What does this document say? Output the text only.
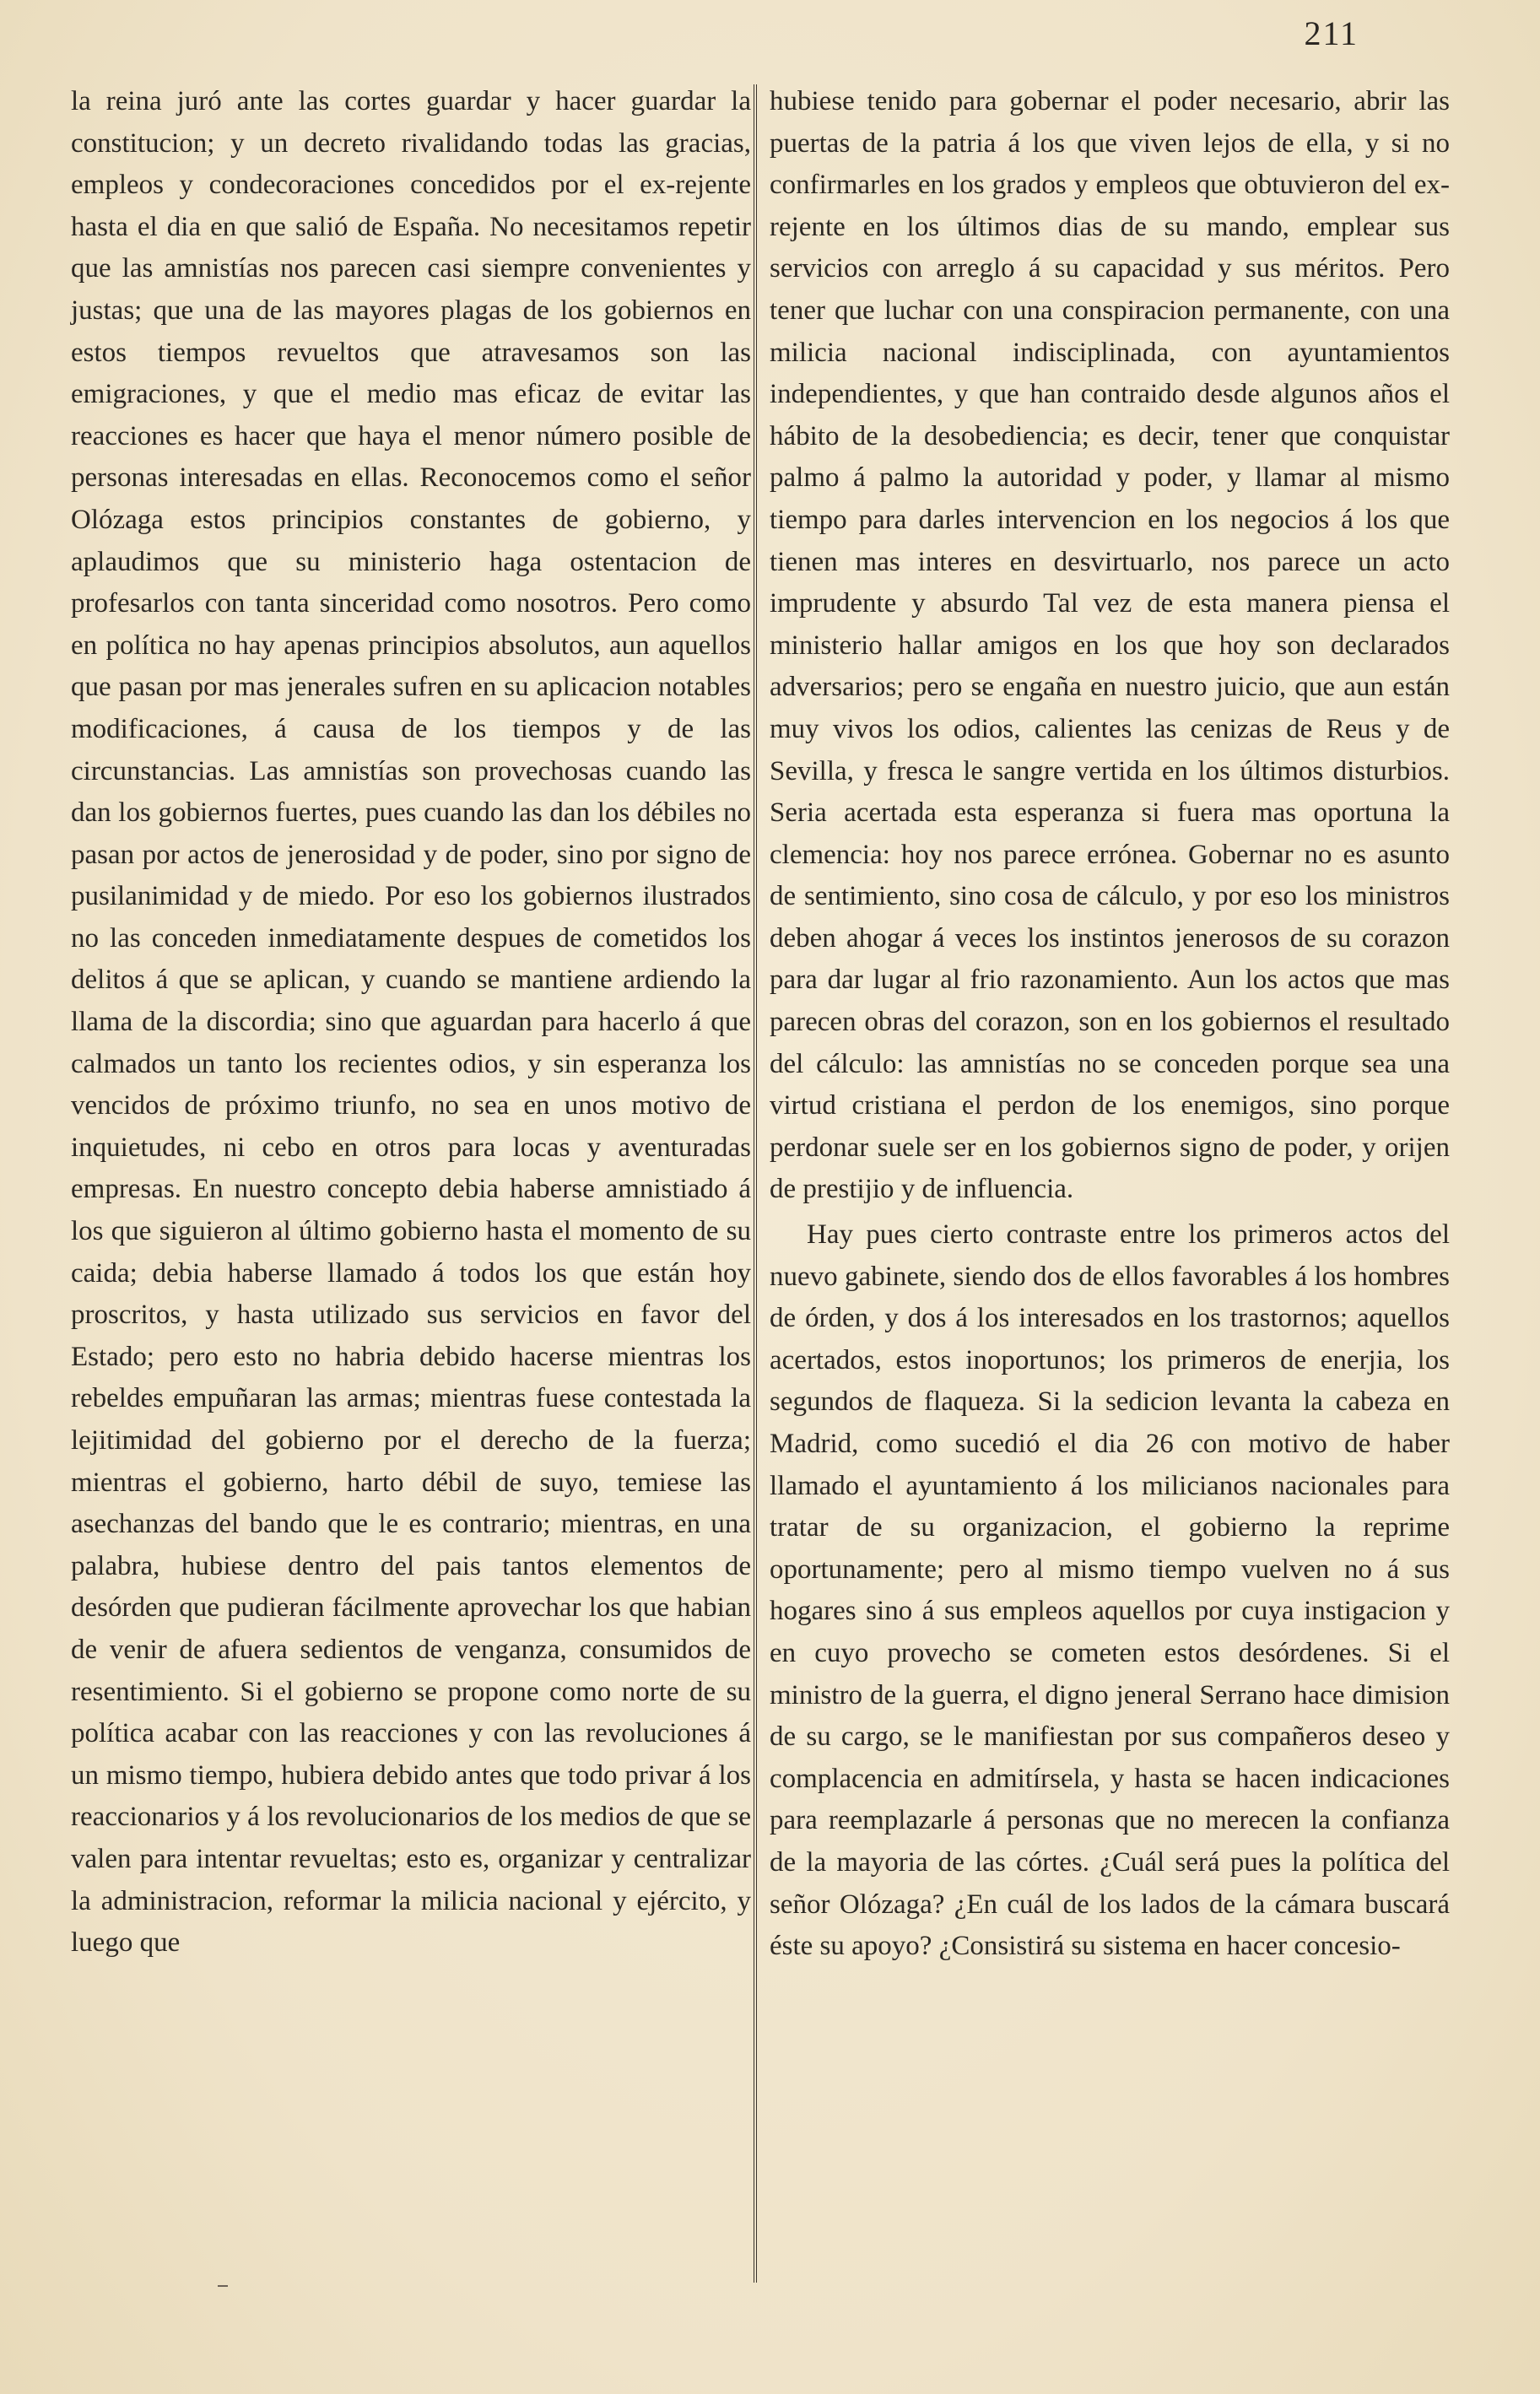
211

la reina juró ante las cortes guardar y hacer guardar la constitucion; y un decreto rivalidando todas las gracias, empleos y condecoraciones concedidos por el ex-rejente hasta el dia en que salió de España. No necesitamos repetir que las amnistías nos parecen casi siempre convenientes y justas; que una de las mayores plagas de los gobiernos en estos tiempos revueltos que atravesamos son las emigraciones, y que el medio mas eficaz de evitar las reacciones es hacer que haya el menor número posible de personas interesadas en ellas. Reconocemos como el señor Olózaga estos principios constantes de gobierno, y aplaudimos que su ministerio haga ostentacion de profesarlos con tanta sinceridad como nosotros. Pero como en política no hay apenas principios absolutos, aun aquellos que pasan por mas jenerales sufren en su aplicacion notables modificaciones, á causa de los tiempos y de las circunstancias. Las amnistías son provechosas cuando las dan los gobiernos fuertes, pues cuando las dan los débiles no pasan por actos de jenerosidad y de poder, sino por signo de pusilanimidad y de miedo. Por eso los gobiernos ilustrados no las conceden inmediatamente despues de cometidos los delitos á que se aplican, y cuando se mantiene ardiendo la llama de la discordia; sino que aguardan para hacerlo á que calmados un tanto los recientes odios, y sin esperanza los vencidos de próximo triunfo, no sea en unos motivo de inquietudes, ni cebo en otros para locas y aventuradas empresas. En nuestro concepto debia haberse amnistiado á los que siguieron al último gobierno hasta el momento de su caida; debia haberse llamado á todos los que están hoy proscritos, y hasta utilizado sus servicios en favor del Estado; pero esto no habria debido hacerse mientras los rebeldes empuñaran las armas; mientras fuese contestada la lejitimidad del gobierno por el derecho de la fuerza; mientras el gobierno, harto débil de suyo, temiese las asechanzas del bando que le es contrario; mientras, en una palabra, hubiese dentro del pais tantos elementos de desórden que pudieran fácilmente aprovechar los que habian de venir de afuera sedientos de venganza, consumidos de resentimiento. Si el gobierno se propone como norte de su política acabar con las reacciones y con las revoluciones á un mismo tiempo, hubiera debido antes que todo privar á los reaccionarios y á los revolucionarios de los medios de que se valen para intentar revueltas; esto es, organizar y centralizar la administracion, reformar la milicia nacional y ejército, y luego que

hubiese tenido para gobernar el poder necesario, abrir las puertas de la patria á los que viven lejos de ella, y si no confirmarles en los grados y empleos que obtuvieron del ex-rejente en los últimos dias de su mando, emplear sus servicios con arreglo á su capacidad y sus méritos. Pero tener que luchar con una conspiracion permanente, con una milicia nacional indisciplinada, con ayuntamientos independientes, y que han contraido desde algunos años el hábito de la desobediencia; es decir, tener que conquistar palmo á palmo la autoridad y poder, y llamar al mismo tiempo para darles intervencion en los negocios á los que tienen mas interes en desvirtuarlo, nos parece un acto imprudente y absurdo Tal vez de esta manera piensa el ministerio hallar amigos en los que hoy son declarados adversarios; pero se engaña en nuestro juicio, que aun están muy vivos los odios, calientes las cenizas de Reus y de Sevilla, y fresca le sangre vertida en los últimos disturbios. Seria acertada esta esperanza si fuera mas oportuna la clemencia: hoy nos parece errónea. Gobernar no es asunto de sentimiento, sino cosa de cálculo, y por eso los ministros deben ahogar á veces los instintos jenerosos de su corazon para dar lugar al frio razonamiento. Aun los actos que mas parecen obras del corazon, son en los gobiernos el resultado del cálculo: las amnistías no se conceden porque sea una virtud cristiana el perdon de los enemigos, sino porque perdonar suele ser en los gobiernos signo de poder, y orijen de prestijio y de influencia.

Hay pues cierto contraste entre los primeros actos del nuevo gabinete, siendo dos de ellos favorables á los hombres de órden, y dos á los interesados en los trastornos; aquellos acertados, estos inoportunos; los primeros de enerjia, los segundos de flaqueza. Si la sedicion levanta la cabeza en Madrid, como sucedió el dia 26 con motivo de haber llamado el ayuntamiento á los milicianos nacionales para tratar de su organizacion, el gobierno la reprime oportunamente; pero al mismo tiempo vuelven no á sus hogares sino á sus empleos aquellos por cuya instigacion y en cuyo provecho se cometen estos desórdenes. Si el ministro de la guerra, el digno jeneral Serrano hace dimision de su cargo, se le manifiestan por sus compañeros deseo y complacencia en admitírsela, y hasta se hacen indicaciones para reemplazarle á personas que no merecen la confianza de la mayoria de las córtes. ¿Cuál será pues la política del señor Olózaga? ¿En cuál de los lados de la cámara buscará éste su apoyo? ¿Consistirá su sistema en hacer concesio-
